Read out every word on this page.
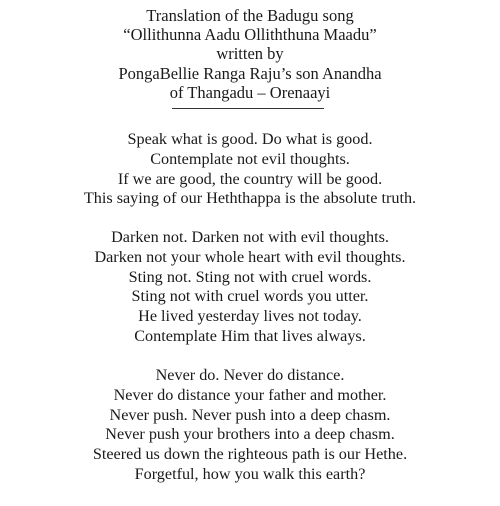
Translation of the Badugu song
“Ollithunna Aadu Olliththuna Maadu”
written by
PongaBellie Ranga Raju’s son Anandha
of Thangadu – Orenaayi
Speak what is good. Do what is good.
Contemplate not evil thoughts.
If we are good, the country will be good.
This saying of our Heththappa is the absolute truth.
Darken not. Darken not with evil thoughts.
Darken not your whole heart with evil thoughts.
Sting not. Sting not with cruel words.
Sting not with cruel words you utter.
He lived yesterday lives not today.
Contemplate Him that lives always.
Never do. Never do distance.
Never do distance your father and mother.
Never push. Never push into a deep chasm.
Never push your brothers into a deep chasm.
Steered us down the righteous path is our Hethe.
Forgetful, how you walk this earth?
